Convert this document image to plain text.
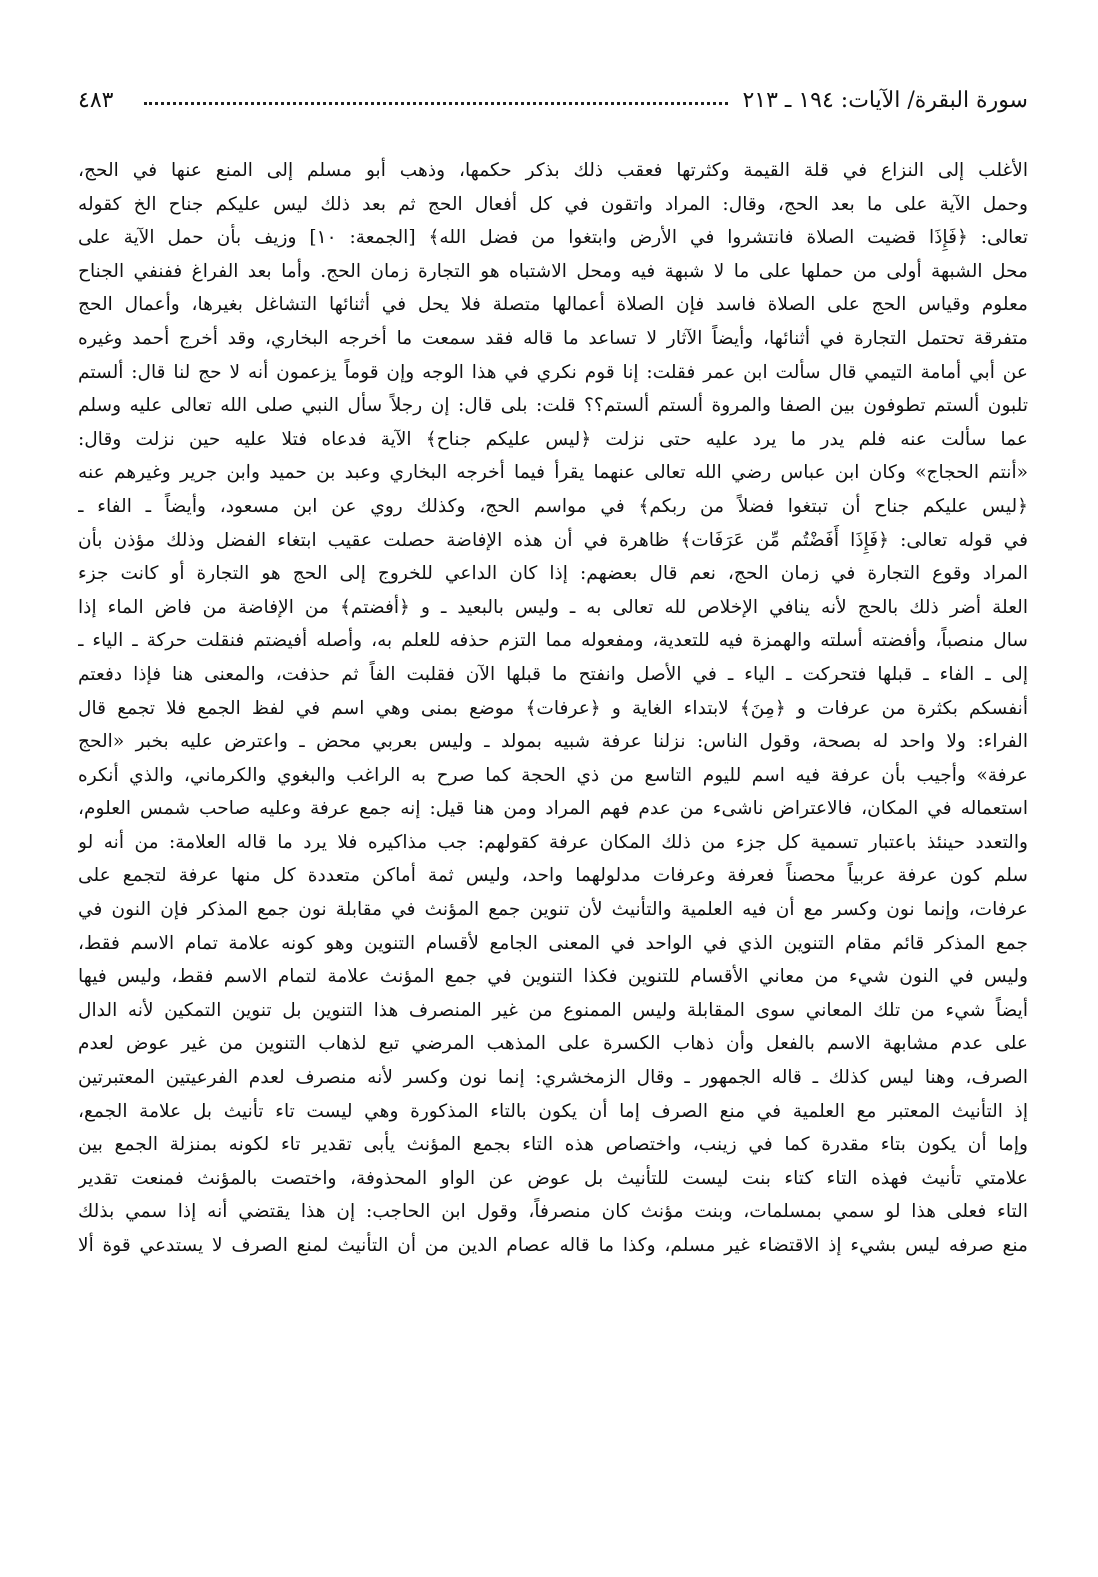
سورة البقرة/ الآيات: ١٩٤ ـ ٢١٣
٤٨٣
الأغلب إلى النزاع في قلة القيمة وكثرتها فعقب ذلك بذكر حكمها، وذهب أبو مسلم إلى المنع عنها في الحج،
وحمل الآية على ما بعد الحج، وقال: المراد واتقون في كل أفعال الحج ثم بعد ذلك ليس عليكم جناح الخ كقوله
تعالى: ﴿فَإِذَا قضيت الصلاة فانتشروا في الأرض وابتغوا من فضل الله﴾ [الجمعة: ١٠] وزيف بأن حمل الآية على
محل الشبهة أولى من حملها على ما لا شبهة فيه ومحل الاشتباه هو التجارة زمان الحج. وأما بعد الفراغ ففنفي الجناح
معلوم وقياس الحج على الصلاة فاسد فإن الصلاة أعمالها متصلة فلا يحل في أثنائها التشاغل بغيرها، وأعمال الحج
متفرقة تحتمل التجارة في أثنائها، وأيضاً الآثار لا تساعد ما قاله فقد سمعت ما أخرجه البخاري، وقد أخرج أحمد وغيره
عن أبي أمامة التيمي قال سألت ابن عمر فقلت: إنا قوم نكري في هذا الوجه وإن قوماً يزعمون أنه لا حج لنا قال: ألستم
تلبون ألستم تطوفون بين الصفا والمروة ألستم ألستم؟؟ قلت: بلى قال: إن رجلاً سأل النبي صلى الله تعالى عليه وسلم
عما سألت عنه فلم يدر ما يرد عليه حتى نزلت ﴿ليس عليكم جناح﴾ الآية فدعاه فتلا عليه حين نزلت وقال:
«أنتم الحجاج» وكان ابن عباس رضي الله تعالى عنهما يقرأ فيما أخرجه البخاري وعبد بن حميد وابن جرير وغيرهم عنه
﴿ليس عليكم جناح أن تبتغوا فضلاً من ربكم﴾ في مواسم الحج، وكذلك روي عن ابن مسعود، وأيضاً ـ الفاء ـ
في قوله تعالى: ﴿فَإِذَا أَفَضْتُم مِّن عَرَفَات﴾ ظاهرة في أن هذه الإفاضة حصلت عقيب ابتغاء الفضل وذلك مؤذن بأن
المراد وقوع التجارة في زمان الحج، نعم قال بعضهم: إذا كان الداعي للخروج إلى الحج هو التجارة أو كانت جزء
العلة أضر ذلك بالحج لأنه ينافي الإخلاص لله تعالى به ـ وليس بالبعيد ـ و ﴿أفضتم﴾ من الإفاضة من فاض الماء إذا
سال منصباً، وأفضته أسلته والهمزة فيه للتعدية، ومفعوله مما التزم حذفه للعلم به، وأصله أفيضتم فنقلت حركة ـ الياء ـ
إلى ـ الفاء ـ قبلها فتحركت ـ الياء ـ في الأصل وانفتح ما قبلها الآن فقلبت الفاً ثم حذفت، والمعنى هنا فإذا دفعتم
أنفسكم بكثرة من عرفات و ﴿مِنَ﴾ لابتداء الغاية و ﴿عرفات﴾ موضع بمنى وهي اسم في لفظ الجمع فلا تجمع قال
الفراء: ولا واحد له بصحة، وقول الناس: نزلنا عرفة شبيه بمولد ـ وليس بعربي محض ـ واعترض عليه بخبر «الحج
عرفة» وأجيب بأن عرفة فيه اسم لليوم التاسع من ذي الحجة كما صرح به الراغب والبغوي والكرماني، والذي أنكره
استعماله في المكان، فالاعتراض ناشىء من عدم فهم المراد ومن هنا قيل: إنه جمع عرفة وعليه صاحب شمس العلوم،
والتعدد حينئذ باعتبار تسمية كل جزء من ذلك المكان عرفة كقولهم: جب مذاكيره فلا يرد ما قاله العلامة: من أنه لو
سلم كون عرفة عربياً محصناً فعرفة وعرفات مدلولهما واحد، وليس ثمة أماكن متعددة كل منها عرفة لتجمع على
عرفات، وإنما نون وكسر مع أن فيه العلمية والتأنيث لأن تنوين جمع المؤنث في مقابلة نون جمع المذكر فإن النون في
جمع المذكر قائم مقام التنوين الذي في الواحد في المعنى الجامع لأقسام التنوين وهو كونه علامة تمام الاسم فقط،
وليس في النون شيء من معاني الأقسام للتنوين فكذا التنوين في جمع المؤنث علامة لتمام الاسم فقط، وليس فيها
أيضاً شيء من تلك المعاني سوى المقابلة وليس الممنوع من غير المنصرف هذا التنوين بل تنوين التمكين لأنه الدال
على عدم مشابهة الاسم بالفعل وأن ذهاب الكسرة على المذهب المرضي تبع لذهاب التنوين من غير عوض لعدم
الصرف، وهنا ليس كذلك ـ قاله الجمهور ـ وقال الزمخشري: إنما نون وكسر لأنه منصرف لعدم الفرعيتين المعتبرتين
إذ التأنيث المعتبر مع العلمية في منع الصرف إما أن يكون بالتاء المذكورة وهي ليست تاء تأنيث بل علامة الجمع،
وإما أن يكون بتاء مقدرة كما في زينب، واختصاص هذه التاء بجمع المؤنث يأبى تقدير تاء لكونه بمنزلة الجمع بين
علامتي تأنيث فهذه التاء كتاء بنت ليست للتأنيث بل عوض عن الواو المحذوفة، واختصت بالمؤنث فمنعت تقدير
التاء فعلى هذا لو سمي بمسلمات، وبنت مؤنث كان منصرفاً، وقول ابن الحاجب: إن هذا يقتضي أنه إذا سمي بذلك
منع صرفه ليس بشيء إذ الاقتضاء غير مسلم، وكذا ما قاله عصام الدين من أن التأنيث لمنع الصرف لا يستدعي قوة ألا
